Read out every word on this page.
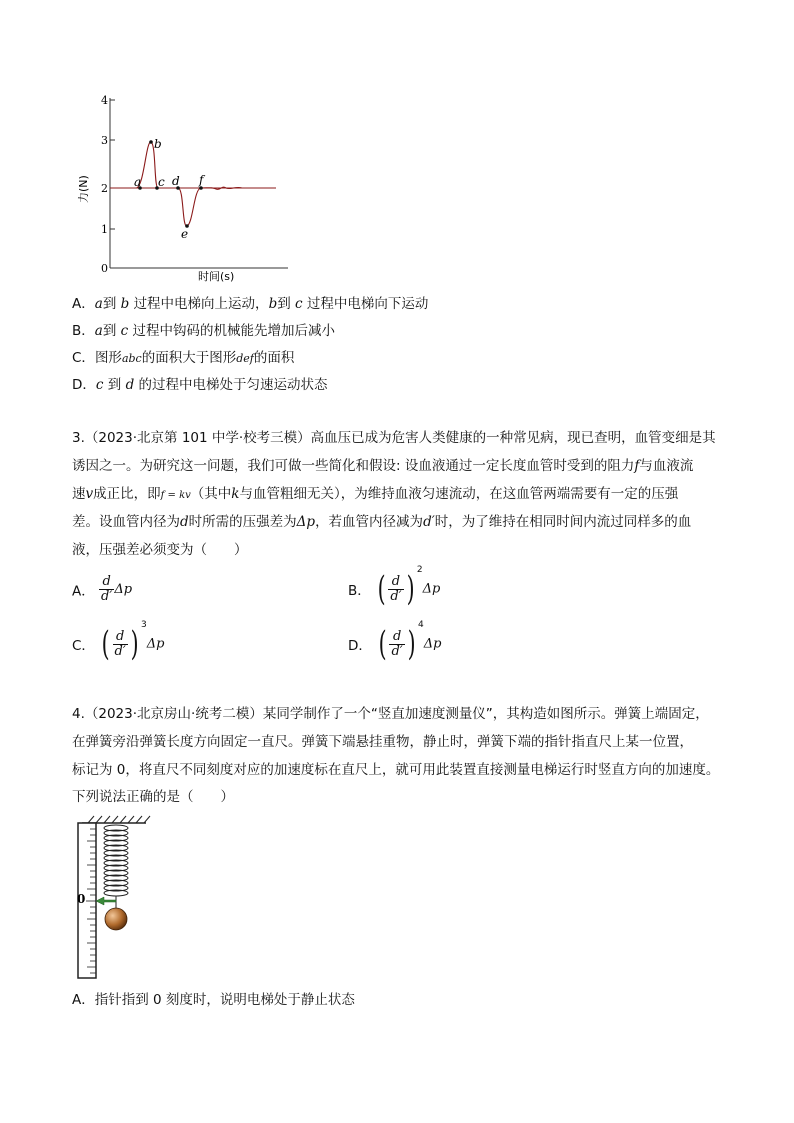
4
3
2
1
0
力(N)
时间(s)
a
b
c d
e
f
A．a到 b 过程中电梯向上运动，b到 c 过程中电梯向下运动
B．a到 c 过程中钩码的机械能先增加后减小
C．图形abc的面积大于图形def的面积
D．c 到 d 的过程中电梯处于匀速运动状态
3.（2023·北京第 101 中学·校考三模）高血压已成为危害人类健康的一种常见病，现已查明，血管变细是其
诱因之一。为研究这一问题，我们可做一些简化和假设: 设血液通过一定长度血管时受到的阻力f与血液流
速v成正比，即f = kv（其中k与血管粗细无关），为维持血液匀速流动，在这血管两端需要有一定的压强
差。设血管内径为d时所需的压强差为Δp，若血管内径减为d′时，为了维持在相同时间内流过同样多的血
液，压强差必须变为（　　）
A． $\frac{d}{d'}$ Δp	B． ( $\frac{d}{d'}$ ) $^2$Δp
C． ( $\frac{d}{d'}$ ) $^3$Δp	D． ( $\frac{d}{d'}$ ) $^4$Δp
4.（2023·北京房山·统考二模）某同学制作了一个“竖直加速度测量仪”，其构造如图所示。弹簧上端固定，
在弹簧旁沿弹簧长度方向固定一直尺。弹簧下端悬挂重物，静止时，弹簧下端的指针指直尺上某一位置，
标记为 0，将直尺不同刻度对应的加速度标在直尺上，就可用此装置直接测量电梯运行时竖直方向的加速度。
下列说法正确的是（　　）
0
A．指针指到 0 刻度时，说明电梯处于静止状态
